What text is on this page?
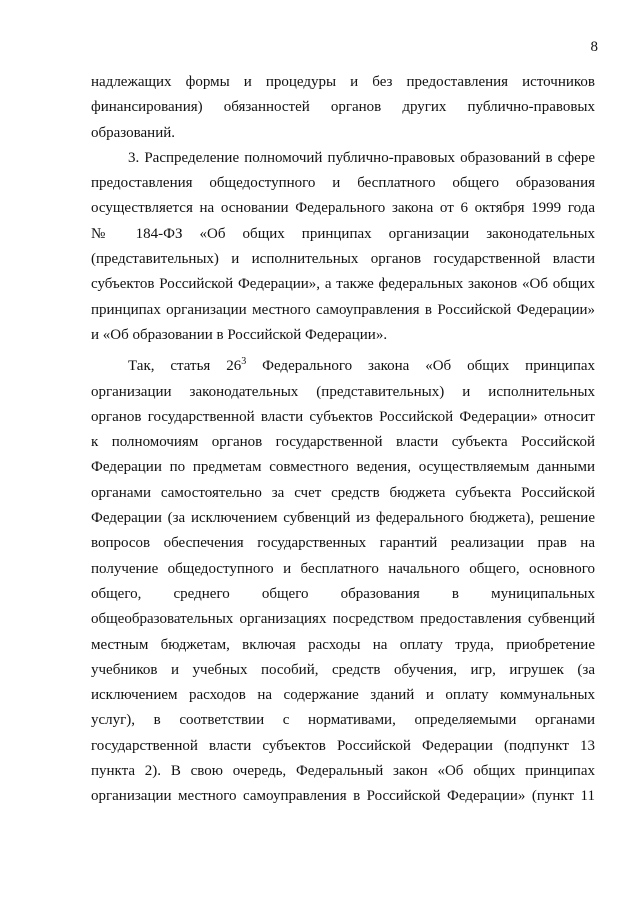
8
надлежащих формы и процедуры и без предоставления источников
финансирования) обязанностей органов других публично-правовых
образований.
3. Распределение полномочий публично-правовых образований в сфере
предоставления общедоступного и бесплатного общего образования
осуществляется на основании Федерального закона от 6 октября 1999 года
№ 184-ФЗ «Об общих принципах организации законодательных
(представительных) и исполнительных органов государственной власти
субъектов Российской Федерации», а также федеральных законов «Об общих
принципах организации местного самоуправления в Российской Федерации»
и «Об образовании в Российской Федерации».
Так, статья $26^3$ Федерального закона «Об общих принципах
организации законодательных (представительных) и исполнительных
органов государственной власти субъектов Российской Федерации» относит
к полномочиям органов государственной власти субъекта Российской
Федерации по предметам совместного ведения, осуществляемым данными
органами самостоятельно за счет средств бюджета субъекта Российской
Федерации (за исключением субвенций из федерального бюджета), решение
вопросов обеспечения государственных гарантий реализации прав на
получение общедоступного и бесплатного начального общего, основного
общего, среднего общего образования в муниципальных
общеобразовательных организациях посредством предоставления субвенций
местным бюджетам, включая расходы на оплату труда, приобретение
учебников и учебных пособий, средств обучения, игр, игрушек (за
исключением расходов на содержание зданий и оплату коммунальных
услуг), в соответствии с нормативами, определяемыми органами
государственной власти субъектов Российской Федерации (подпункт 13
пункта 2). В свою очередь, Федеральный закон «Об общих принципах
организации местного самоуправления в Российской Федерации» (пункт 11
